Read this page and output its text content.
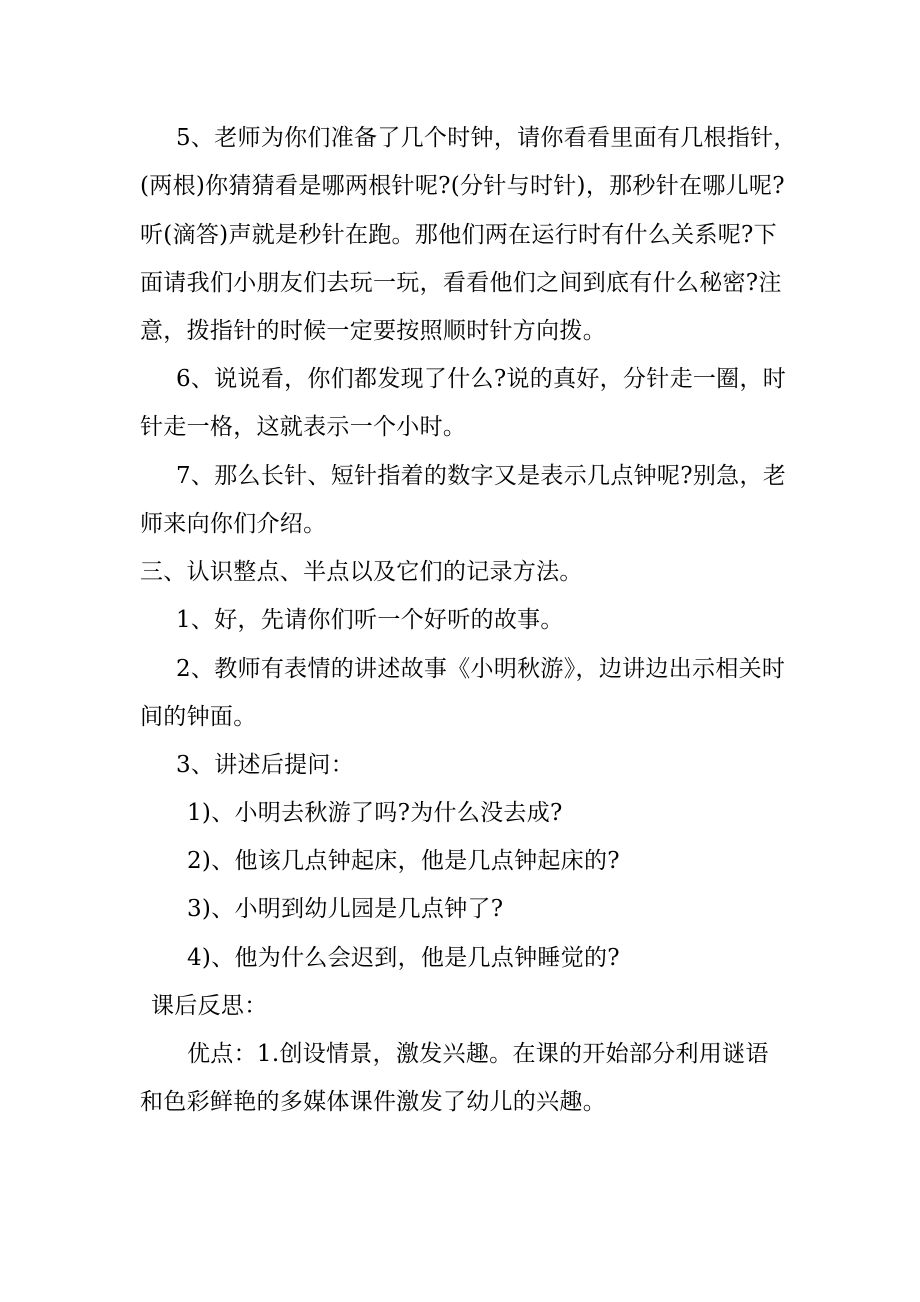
5、老师为你们准备了几个时钟，请你看看里面有几根指针，
(两根)你猜猜看是哪两根针呢?(分针与时针)，那秒针在哪儿呢?
听(滴答)声就是秒针在跑。那他们两在运行时有什么关系呢?下
面请我们小朋友们去玩一玩，看看他们之间到底有什么秘密?注
意，拨指针的时候一定要按照顺时针方向拨。
6、说说看，你们都发现了什么?说的真好，分针走一圈，时
针走一格，这就表示一个小时。
7、那么长针、短针指着的数字又是表示几点钟呢?别急，老
师来向你们介绍。
三、认识整点、半点以及它们的记录方法。
1、好，先请你们听一个好听的故事。
2、教师有表情的讲述故事《小明秋游》，边讲边出示相关时
间的钟面。
3、讲述后提问：
1)、小明去秋游了吗?为什么没去成?
2)、他该几点钟起床，他是几点钟起床的?
3)、小明到幼儿园是几点钟了?
4)、他为什么会迟到，他是几点钟睡觉的?
课后反思：
优点：1.创设情景，激发兴趣。在课的开始部分利用谜语
和色彩鲜艳的多媒体课件激发了幼儿的兴趣。
